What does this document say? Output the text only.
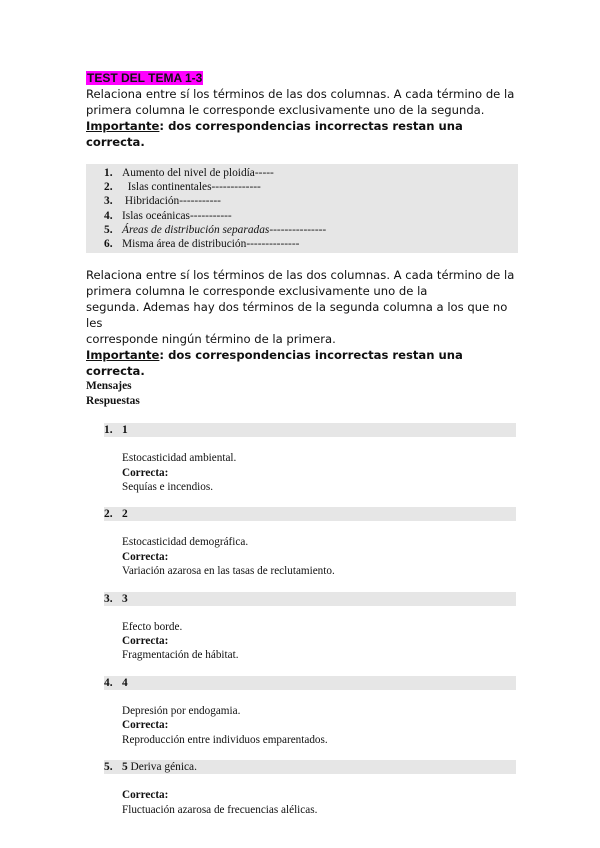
TEST DEL TEMA 1-3

Relaciona entre sí los términos de las dos columnas. A cada término de la

primera columna le corresponde exclusivamente uno de la segunda.

Importante: dos correspondencias incorrectas restan una correcta.

1. Aumento del nivel de ploidía-----
2.  Islas continentales-------------
3. Hibridación-----------
4. Islas oceánicas-----------
5. Áreas de distribución separadas---------------
6. Misma área de distribución--------------

Relaciona entre sí los términos de las dos columnas. A cada término de la

primera columna le corresponde exclusivamente uno de la

segunda. Ademas hay dos términos de la segunda columna a los que no les

corresponde ningún término de la primera.

Importante: dos correspondencias incorrectas restan una correcta.

Mensajes
Respuestas
1. 1
Estocasticidad ambiental.
Correcta:
Sequías e incendios.
2. 2
Estocasticidad demográfica.
Correcta:
Variación azarosa en las tasas de reclutamiento.
3. 3
Efecto borde.
Correcta:
Fragmentación de hábitat.
4. 4
Depresión por endogamia.
Correcta:
Reproducción entre individuos emparentados.
5. 5 Deriva génica.
Correcta:
Fluctuación azarosa de frecuencias alélicas.
